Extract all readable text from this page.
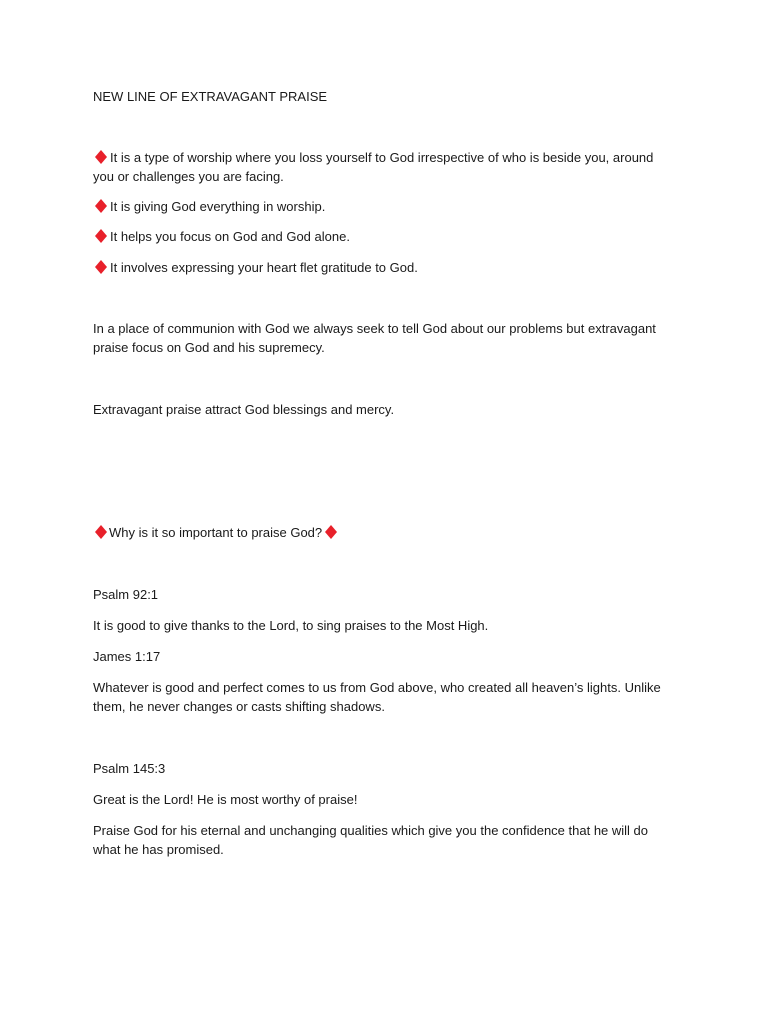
NEW LINE OF EXTRAVAGANT PRAISE
It is a type of worship where you loss yourself to God irrespective of who is beside you, around you or challenges you are facing.
It is giving God everything in worship.
It helps you focus on God and God alone.
It involves expressing your heart flet gratitude to God.
In a place of communion with God we always seek to tell God about our problems but extravagant praise focus on God and his supremecy.
Extravagant praise attract God blessings and mercy.
Why is it so important to praise God?
Psalm 92:1
It is good to give thanks to the Lord, to sing praises to the Most High.
James 1:17
Whatever is good and perfect comes to us from God above, who created all heaven’s lights. Unlike them, he never changes or casts shifting shadows.
Psalm 145:3
Great is the Lord! He is most worthy of praise!
Praise God for his eternal and unchanging qualities which give you the confidence that he will do what he has promised.
